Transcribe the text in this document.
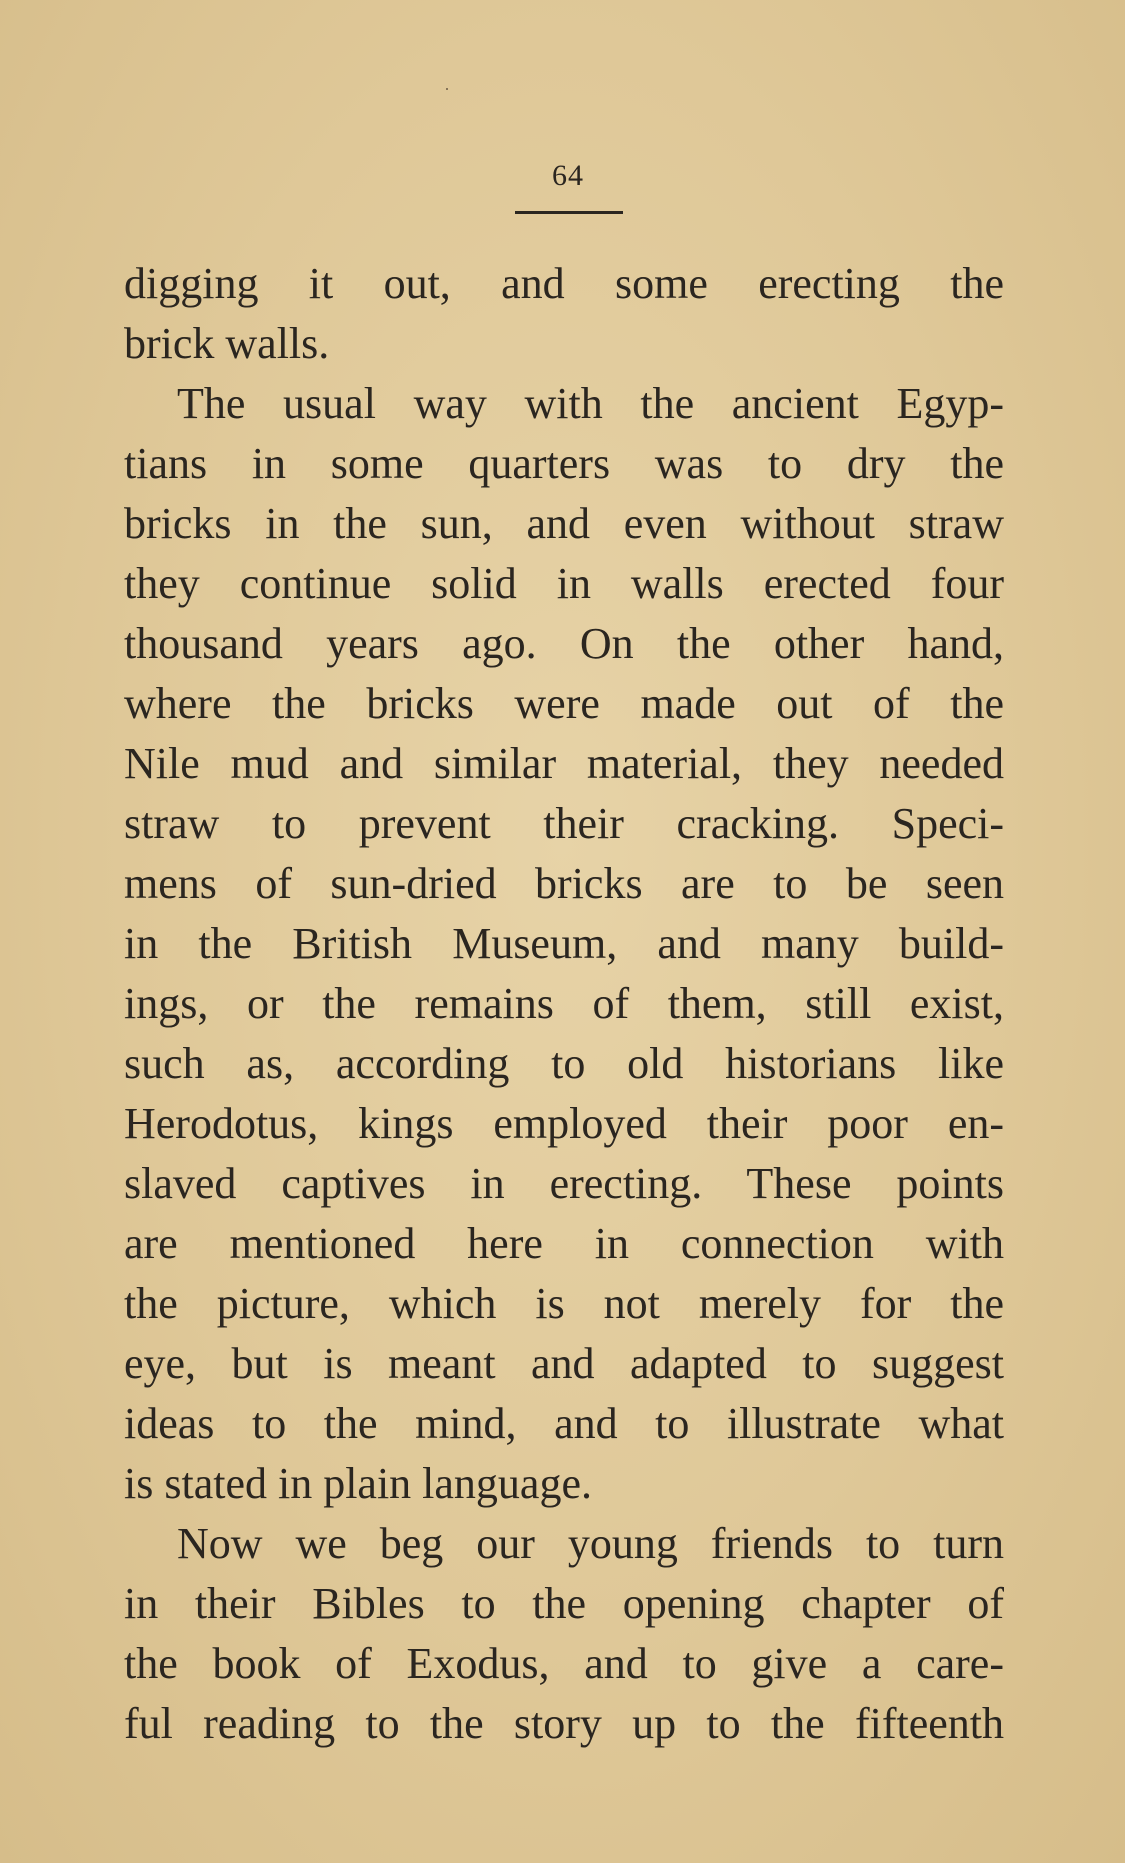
64
digging it out, and some erecting the
brick walls.
The usual way with the ancient Egyp-
tians in some quarters was to dry the
bricks in the sun, and even without straw
they continue solid in walls erected four
thousand years ago. On the other hand,
where the bricks were made out of the
Nile mud and similar material, they needed
straw to prevent their cracking. Speci-
mens of sun-dried bricks are to be seen
in the British Museum, and many build-
ings, or the remains of them, still exist,
such as, according to old historians like
Herodotus, kings employed their poor en-
slaved captives in erecting. These points
are mentioned here in connection with
the picture, which is not merely for the
eye, but is meant and adapted to suggest
ideas to the mind, and to illustrate what
is stated in plain language.
Now we beg our young friends to turn
in their Bibles to the opening chapter of
the book of Exodus, and to give a care-
ful reading to the story up to the fifteenth
